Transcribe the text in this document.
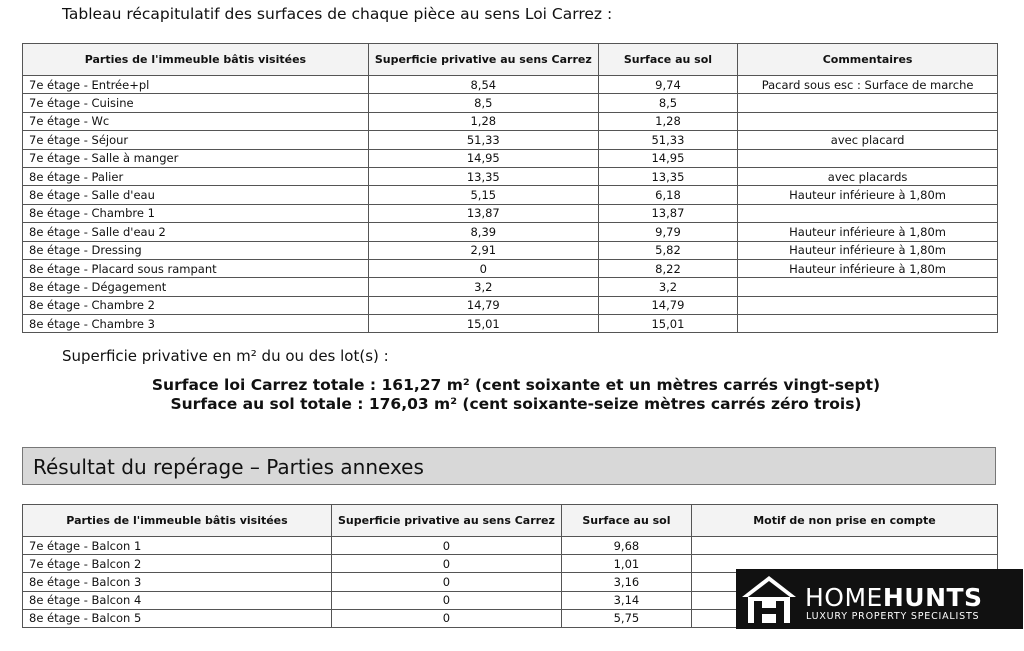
Tableau récapitulatif des surfaces de chaque pièce au sens Loi Carrez :

Parties de l'immeuble bâtis visitées	Superficie privative au sens Carrez	Surface au sol	Commentaires
7e étage - Entrée+pl	8,54	9,74	Pacard sous esc : Surface de marche
7e étage - Cuisine	8,5	8,5	
7e étage - Wc	1,28	1,28	
7e étage - Séjour	51,33	51,33	avec placard
7e étage - Salle à manger	14,95	14,95	
8e étage - Palier	13,35	13,35	avec placards
8e étage - Salle d'eau	5,15	6,18	Hauteur inférieure à 1,80m
8e étage - Chambre 1	13,87	13,87	
8e étage - Salle d'eau 2	8,39	9,79	Hauteur inférieure à 1,80m
8e étage - Dressing	2,91	5,82	Hauteur inférieure à 1,80m
8e étage - Placard sous rampant	0	8,22	Hauteur inférieure à 1,80m
8e étage - Dégagement	3,2	3,2	
8e étage - Chambre 2	14,79	14,79	
8e étage - Chambre 3	15,01	15,01	

Superficie privative en m² du ou des lot(s) :

Surface loi Carrez totale : 161,27 m² (cent soixante et un mètres carrés vingt-sept)

Surface au sol totale : 176,03 m² (cent soixante-seize mètres carrés zéro trois)

Résultat du repérage – Parties annexes
Parties de l'immeuble bâtis visitées	Superficie privative au sens Carrez	Surface au sol	Motif de non prise en compte
7e étage - Balcon 1	0	9,68	
7e étage - Balcon 2	0	1,01	
8e étage - Balcon 3	0	3,16	
8e étage - Balcon 4	0	3,14	
8e étage - Balcon 5	0	5,75	
HOMEHUNTS
LUXURY PROPERTY SPECIALISTS
